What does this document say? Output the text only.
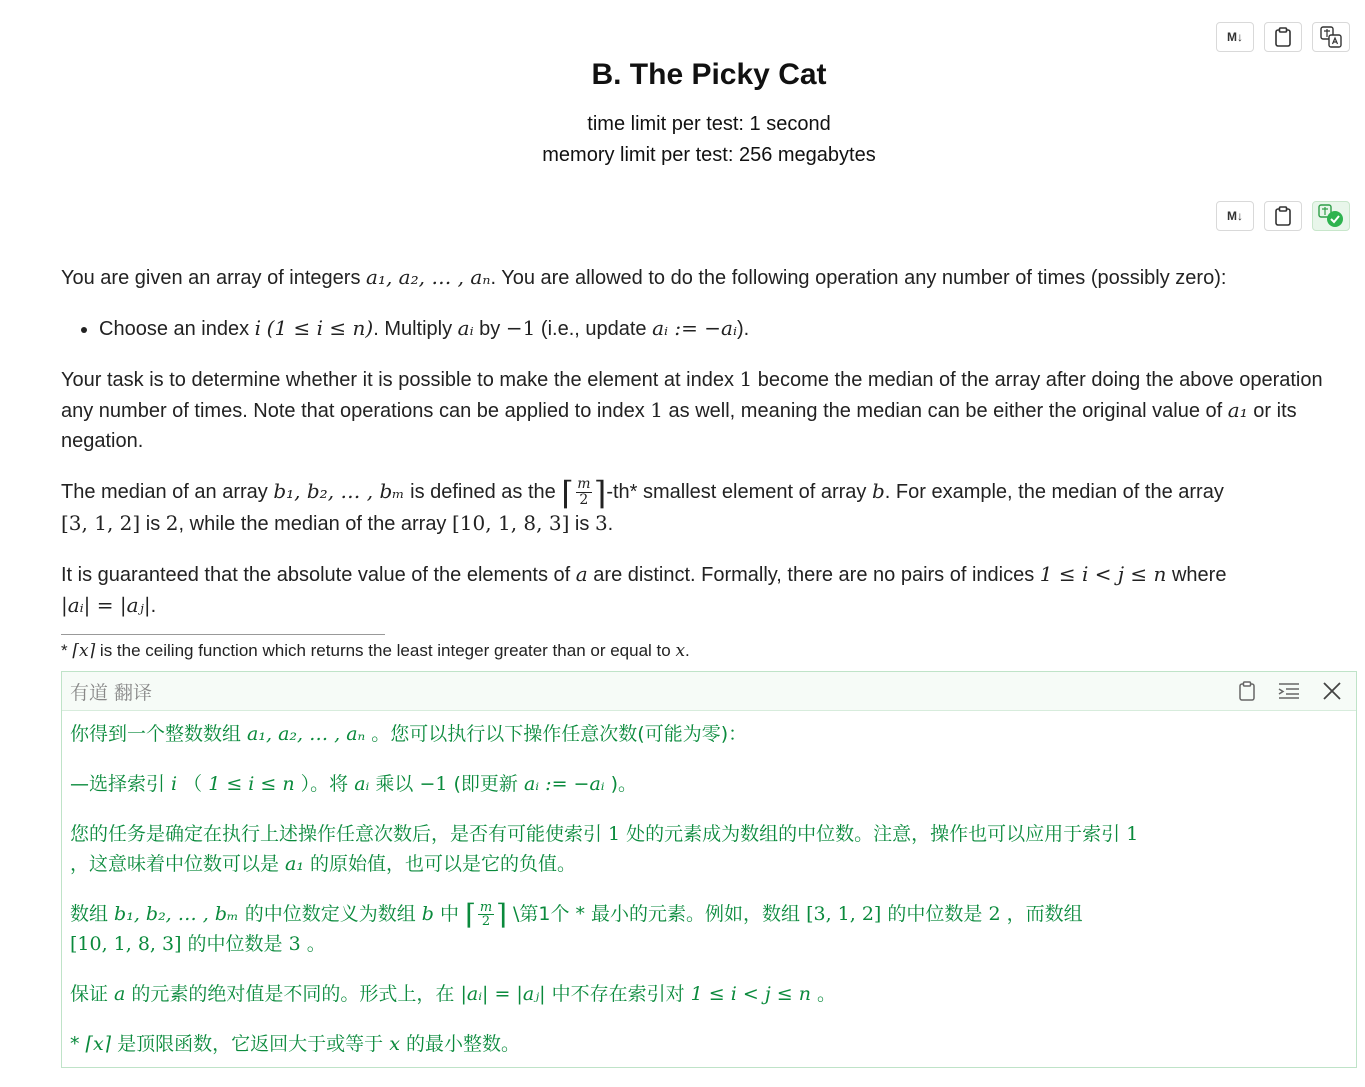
M↓
B. The Picky Cat
time limit per test: 1 second
memory limit per test: 256 megabytes
M↓

You are given an array of integers a₁, a₂, … , aₙ. You are allowed to do the following operation any number of times (possibly zero):

• Choose an index i (1 ≤ i ≤ n). Multiply aᵢ by −1 (i.e., update aᵢ := −aᵢ).

Your task is to determine whether it is possible to make the element at index 1 become the median of the array after doing the above operation any number of times. Note that operations can be applied to index 1 as well, meaning the median can be either the original value of a₁ or its negation.

The median of an array b₁, b₂, … , bₘ is defined as the ⌈ $\frac{m}{2}$ ⌉ -th* smallest element of array b. For example, the median of the array
[3, 1, 2] is 2, while the median of the array [10, 1, 8, 3] is 3.

It is guaranteed that the absolute value of the elements of a are distinct. Formally, there are no pairs of indices 1 ≤ i < j ≤ n where
|aᵢ| = |aⱼ|.

* ⌈x⌉ is the ceiling function which returns the least integer greater than or equal to x.
有道 翻译

你得到一个整数数组 a₁, a₂, … , aₙ 。您可以执行以下操作任意次数(可能为零)：

—选择索引 i （ 1 ≤ i ≤ n ）。将 aᵢ 乘以 −1 (即更新 aᵢ := −aᵢ )。

您的任务是确定在执行上述操作任意次数后，是否有可能使索引 1 处的元素成为数组的中位数。注意，操作也可以应用于索引 1
，这意味着中位数可以是 a₁ 的原始值，也可以是它的负值。

数组 b₁, b₂, … , bₘ 的中位数定义为数组 b 中 ⌈ $\frac{m}{2}$ ⌉ \第1个 * 最小的元素。例如，数组 [3, 1, 2] 的中位数是 2 ，而数组
[10, 1, 8, 3] 的中位数是 3 。

保证 a 的元素的绝对值是不同的。形式上，在 |aᵢ| = |aⱼ| 中不存在索引对 1 ≤ i < j ≤ n 。

* ⌈x⌉ 是顶限函数，它返回大于或等于 x 的最小整数。
